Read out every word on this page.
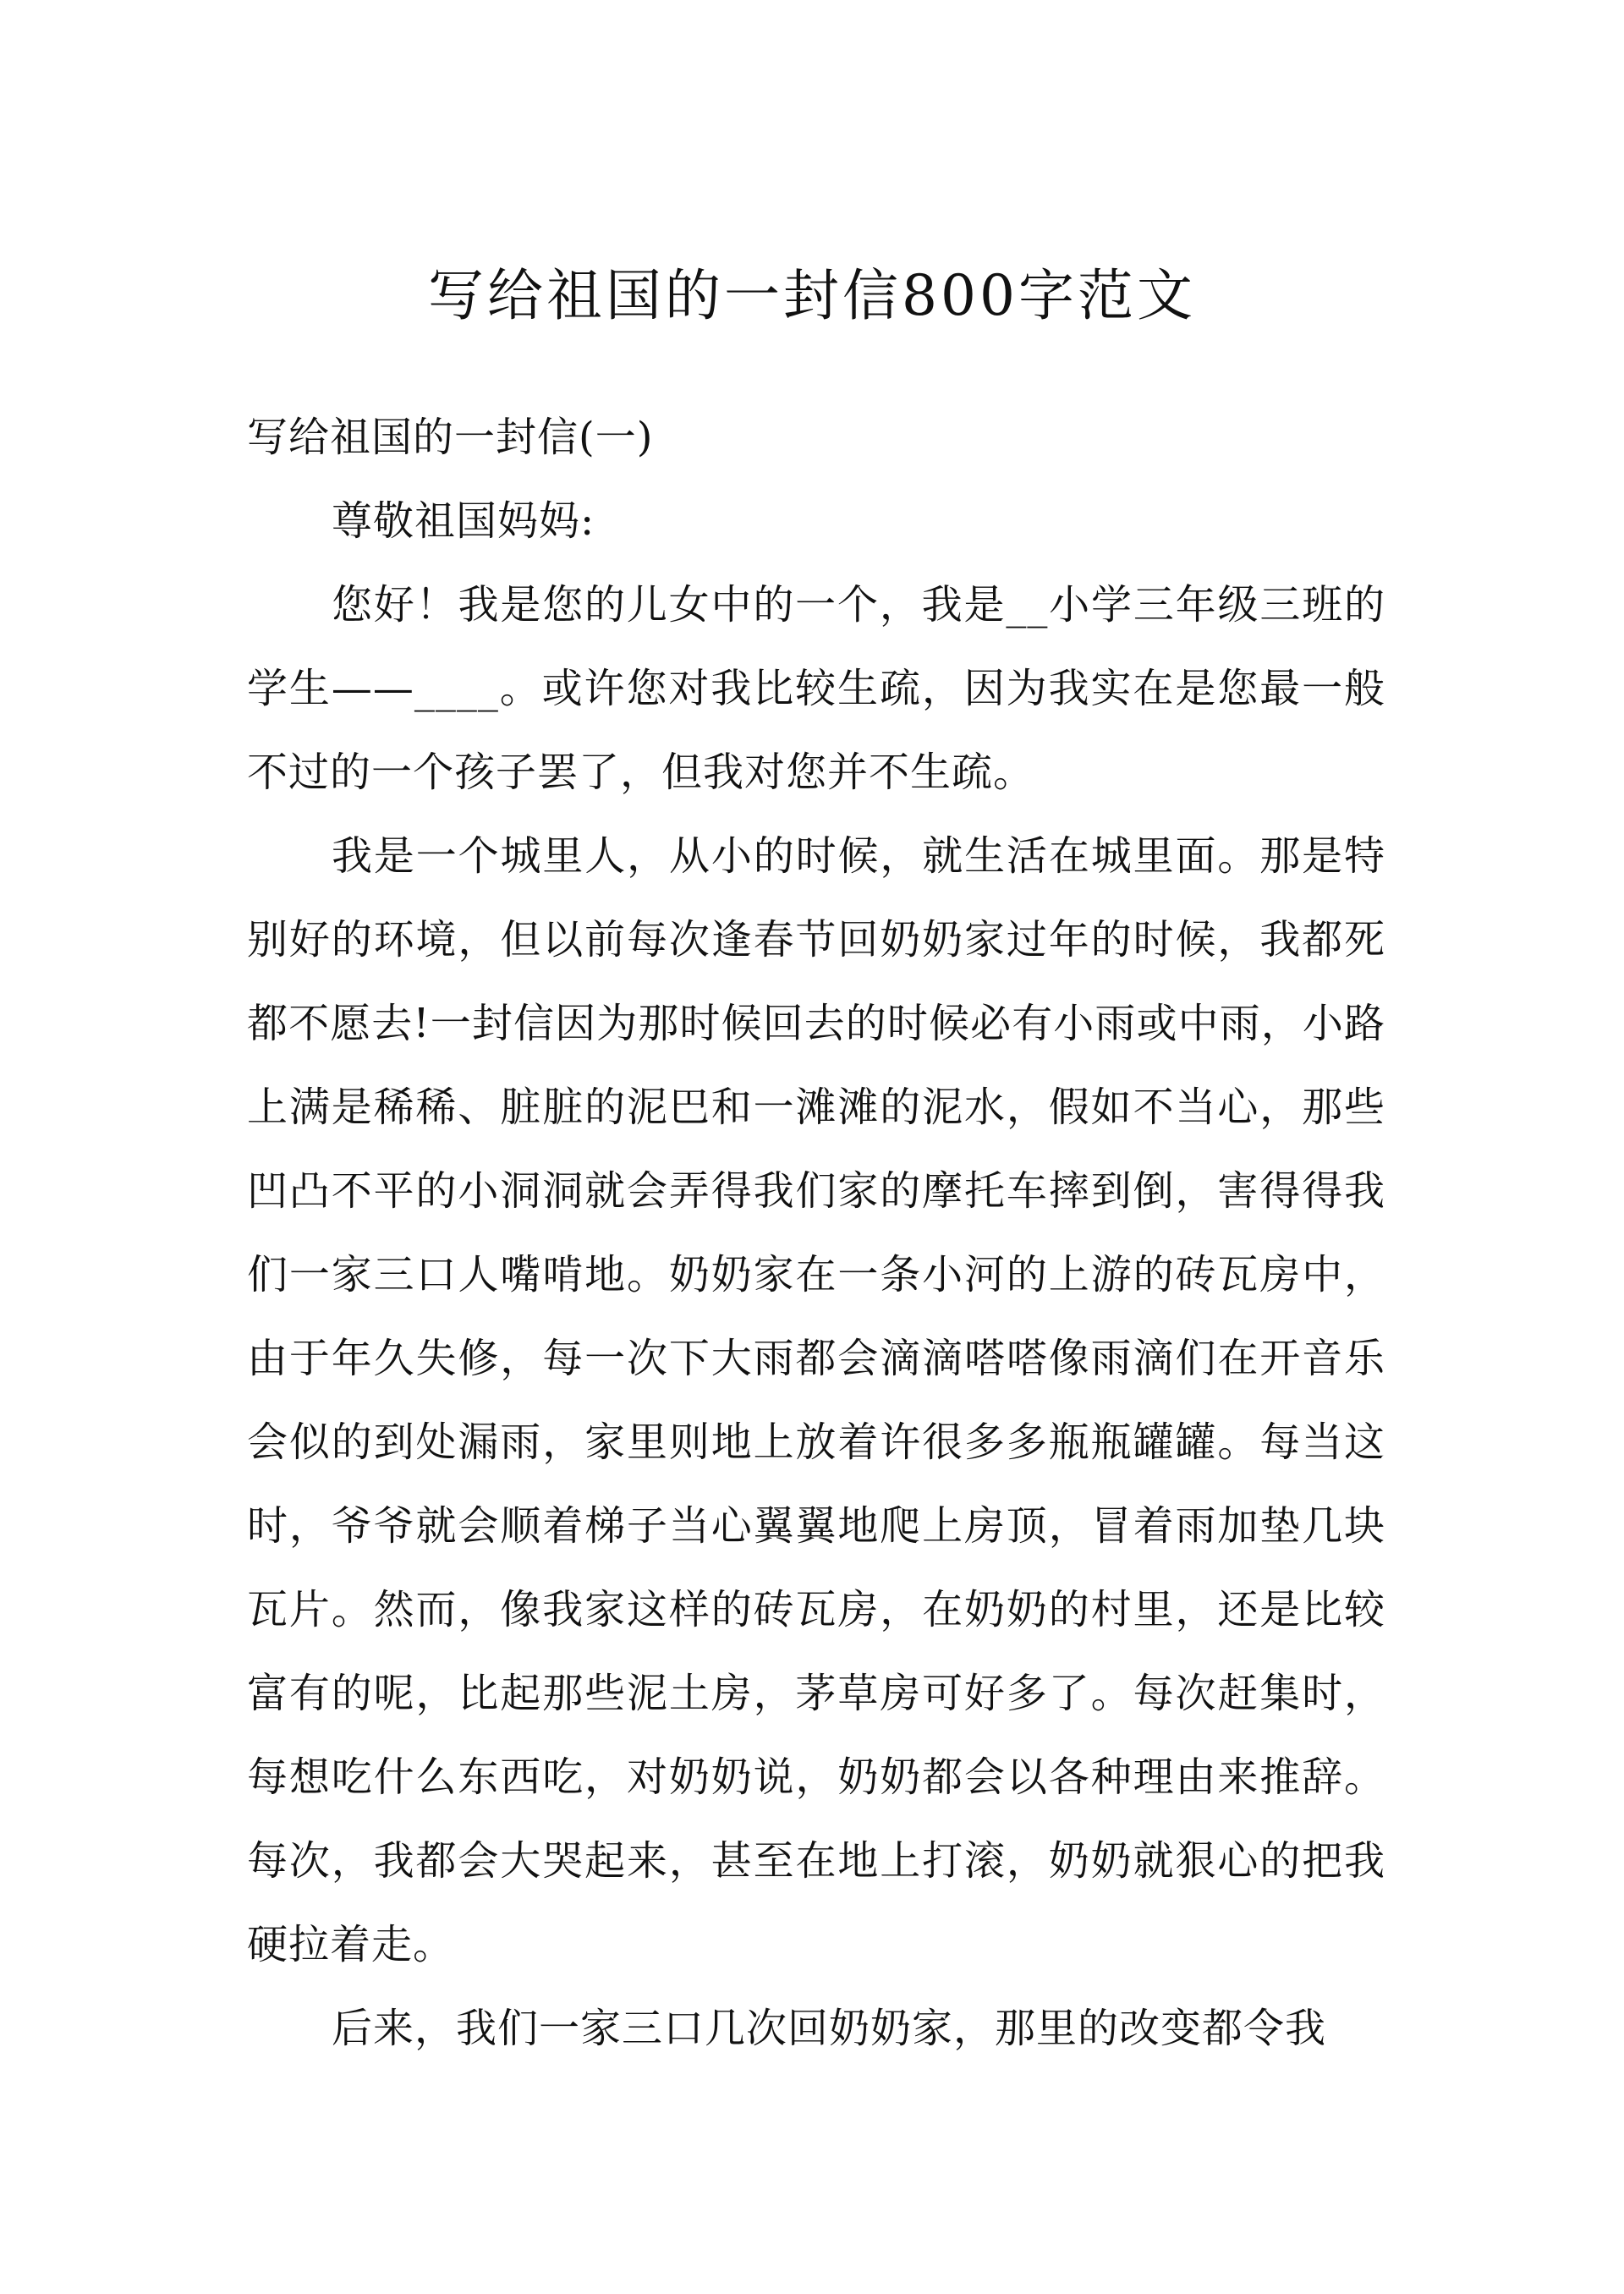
写给祖国的一封信800字范文

写给祖国的一封信(一)

尊敬祖国妈妈:

您好！我是您的儿女中的一个，我是__小学三年级三班的学生——____。或许您对我比较生疏，因为我实在是您最一般不过的一个孩子罢了，但我对您并不生疏。

我是一个城里人，从小的时候，就生活在城里面。那是特别好的环境，但以前每次逢春节回奶奶家过年的时候，我都死都不愿去!一封信因为那时候回去的时候必有小雨或中雨，小路上满是稀稀、脏脏的泥巴和一滩滩的泥水，假如不当心，那些凹凸不平的小洞洞就会弄得我们家的摩托车摔到倒，害得得我们一家三口人嘴啃地。奶奶家在一条小河的上游的砖瓦房中，由于年久失修，每一次下大雨都会滴滴嗒嗒像雨滴们在开音乐会似的到处漏雨，家里则地上放着许很多多瓶瓶罐罐。每当这时，爷爷就会顺着梯子当心翼翼地爬上房顶，冒着雨加垫几块瓦片。然而，像我家这样的砖瓦房，在奶奶的村里，还是比较富有的呢，比起那些泥土房，茅草房可好多了。每次赶集时，每想吃什么东西吃，对奶奶说，奶奶都会以各种理由来推辞。每次，我都会大哭起来，甚至在地上打滚，奶奶就狠心的把我硬拉着走。

后来，我们一家三口几次回奶奶家，那里的改变都令我
